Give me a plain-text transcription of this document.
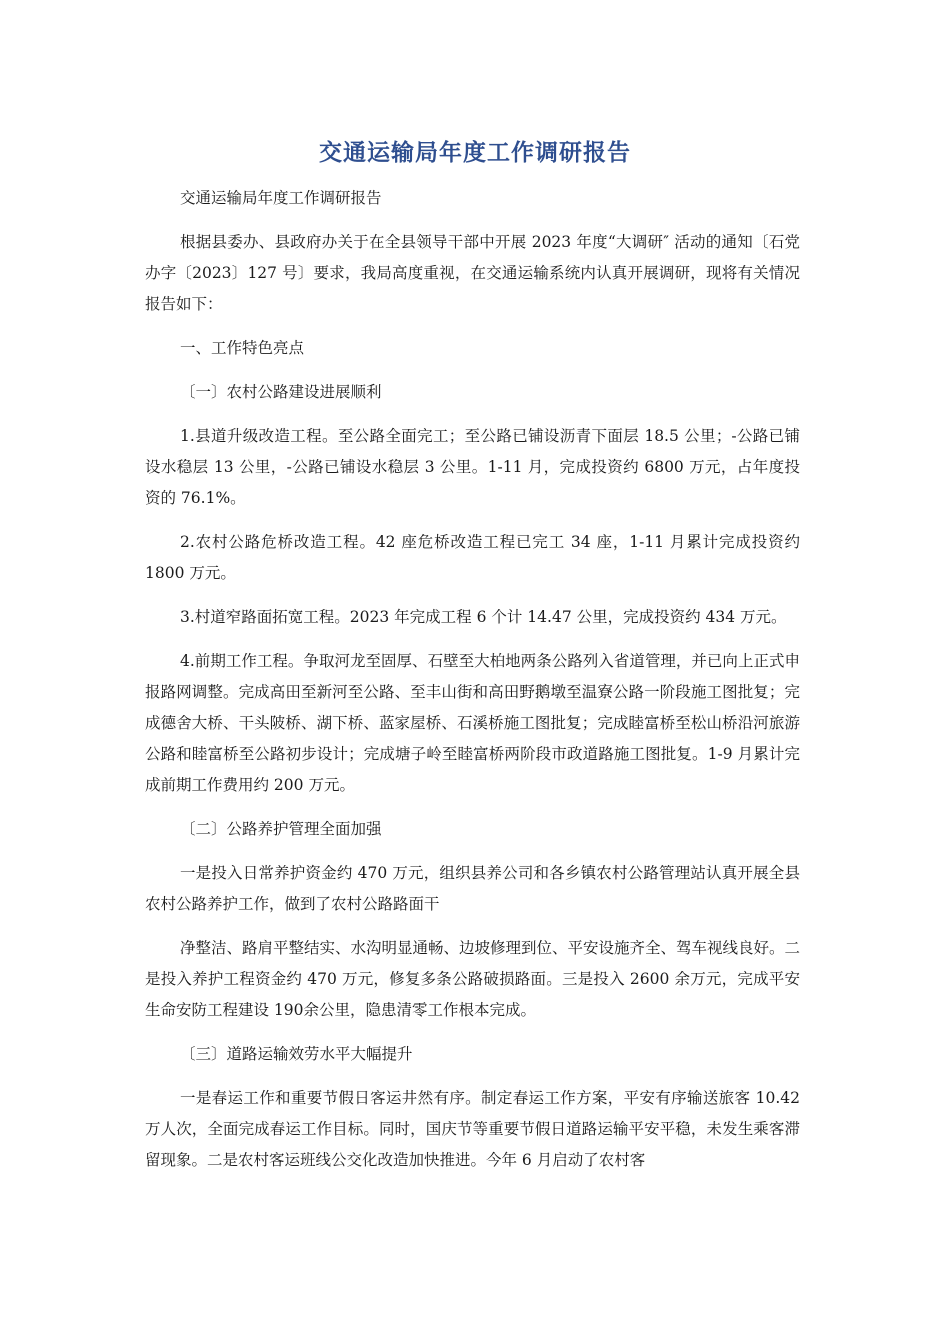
交通运输局年度工作调研报告

交通运输局年度工作调研报告

根据县委办、县政府办关于在全县领导干部中开展 2023 年度“大调研″ 活动的通知〔石党办字〔2023〕127 号〕要求，我局高度重视，在交通运输系统内认真开展调研，现将有关情况报告如下：

一、工作特色亮点

〔一〕农村公路建设进展顺利

1.县道升级改造工程。至公路全面完工；至公路已铺设沥青下面层 18.5 公里；-公路已铺设水稳层 13 公里，-公路已铺设水稳层 3 公里。1-11 月，完成投资约 6800 万元，占年度投资的 76.1%。

2.农村公路危桥改造工程。42 座危桥改造工程已完工 34 座，1-11 月累计完成投资约 1800 万元。

3.村道窄路面拓宽工程。2023 年完成工程 6 个计 14.47 公里，完成投资约 434 万元。

4.前期工作工程。争取河龙至固厚、石壁至大柏地两条公路列入省道管理，并已向上正式申报路网调整。完成高田至新河至公路、至丰山街和高田野鹅墩至温寮公路一阶段施工图批复；完成德舍大桥、干头陂桥、湖下桥、蓝家屋桥、石溪桥施工图批复；完成睦富桥至松山桥沿河旅游公路和睦富桥至公路初步设计；完成塘子岭至睦富桥两阶段市政道路施工图批复。1-9 月累计完成前期工作费用约 200 万元。

〔二〕公路养护管理全面加强

一是投入日常养护资金约 470 万元，组织县养公司和各乡镇农村公路管理站认真开展全县农村公路养护工作，做到了农村公路路面干

净整洁、路肩平整结实、水沟明显通畅、边坡修理到位、平安设施齐全、驾车视线良好。二是投入养护工程资金约 470 万元，修复多条公路破损路面。三是投入 2600 余万元，完成平安生命安防工程建设 190余公里，隐患清零工作根本完成。

〔三〕道路运输效劳水平大幅提升

一是春运工作和重要节假日客运井然有序。制定春运工作方案，平安有序输送旅客 10.42 万人次，全面完成春运工作目标。同时，国庆节等重要节假日道路运输平安平稳，未发生乘客滞留现象。二是农村客运班线公交化改造加快推进。今年 6 月启动了农村客
